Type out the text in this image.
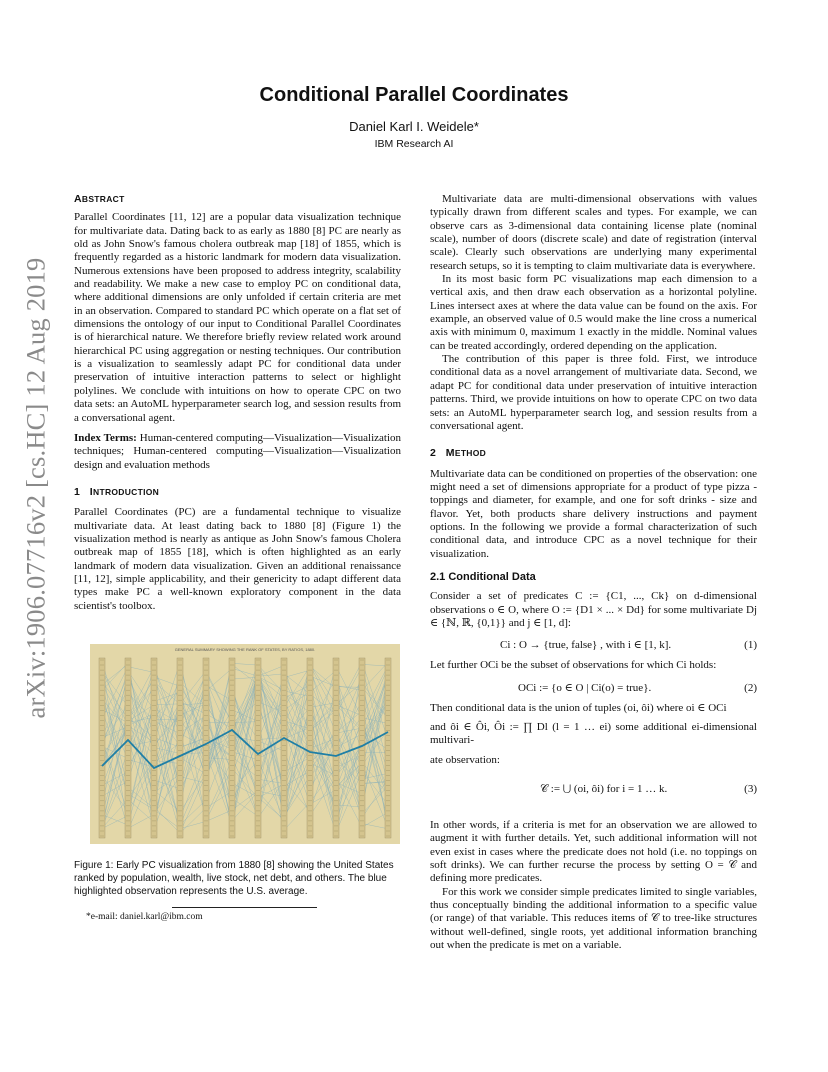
Conditional Parallel Coordinates
Daniel Karl I. Weidele*
IBM Research AI
arXiv:1906.07716v2 [cs.HC] 12 Aug 2019
ABSTRACT

Parallel Coordinates [11, 12] are a popular data visualization technique for multivariate data. Dating back to as early as 1880 [8] PC are nearly as old as John Snow's famous cholera outbreak map [18] of 1855, which is frequently regarded as a historic landmark for modern data visualization. Numerous extensions have been proposed to address integrity, scalability and readability. We make a new case to employ PC on conditional data, where additional dimensions are only unfolded if certain criteria are met in an observation. Compared to standard PC which operate on a flat set of dimensions the ontology of our input to Conditional Parallel Coordinates is of hierarchical nature. We therefore briefly review related work around hierarchical PC using aggregation or nesting techniques. Our contribution is a visualization to seamlessly adapt PC for conditional data under preservation of intuitive interaction patterns to select or highlight polylines. We conclude with intuitions on how to operate CPC on two data sets: an AutoML hyperparameter search log, and session results from a conversational agent.

Index Terms: Human-centered computing—Visualization—Visualization techniques; Human-centered computing—Visualization—Visualization design and evaluation methods

1 INTRODUCTION

Parallel Coordinates (PC) are a fundamental technique to visualize multivariate data. At least dating back to 1880 [8] (Figure 1) the visualization method is nearly as antique as John Snow's famous Cholera outbreak map of 1855 [18], which is often highlighted as an early landmark of modern data visualization. Given an additional renaissance [11, 12], simple applicability, and their genericity to adapt different data types make PC a well-known exploratory component in the data scientist's toolbox.

GENERAL SUMMARY SHOWING THE RANK OF STATES, BY RATIOS, 1880.
Figure 1: Early PC visualization from 1880 [8] showing the United States ranked by population, wealth, live stock, net debt, and others. The blue highlighted observation represents the U.S. average.
*e-mail: daniel.karl@ibm.com

Multivariate data are multi-dimensional observations with values typically drawn from different scales and types. For example, we can observe cars as 3-dimensional data containing license plate (nominal scale), number of doors (discrete scale) and date of registration (interval scale). Clearly such observations are underlying many experimental research setups, so it is tempting to claim multivariate data is everywhere.

In its most basic form PC visualizations map each dimension to a vertical axis, and then draw each observation as a horizontal polyline. Lines intersect axes at where the data value can be found on the axis. For example, an observed value of 0.5 would make the line cross a numerical axis with minimum 0, maximum 1 exactly in the middle. Nominal values can be treated accordingly, ordered depending on the application.

The contribution of this paper is three fold. First, we introduce conditional data as a novel arrangement of multivariate data. Second, we adapt PC for conditional data under preservation of intuitive interaction patterns. Third, we provide intuitions on how to operate CPC on two data sets: an AutoML hyperparameter search log, and session results from a conversational agent.

2 METHOD

Multivariate data can be conditioned on properties of the observation: one might need a set of dimensions appropriate for a product of type pizza - toppings and diameter, for example, and one for soft drinks - size and flavor. Yet, both products share delivery instructions and payment options. In the following we provide a formal characterization of such conditional data, and introduce CPC as a novel technique for their visualization.

2.1 Conditional Data

Consider a set of predicates C := {C1, ..., Ck} on d-dimensional observations o ∈ O, where O := {D1 × ... × Dd} for some multivariate Dj ∈ {ℕ, ℝ, {0,1}} and j ∈ [1, d]:

Ci : O → {true, false} , with i ∈ [1, k].	(1)

Let further OCi be the subset of observations for which Ci holds:

OCi := {o ∈ O | Ci(o) = true}.	(2)

Then conditional data is the union of tuples (oi, ôi) where oi ∈ OCi

and ôi ∈ Ôi, Ôi := ∏ Dl (l = 1 … ei) some additional ei-dimensional multivari-

ate observation:

𝒞 := ⋃ (oi, ôi) for i = 1 … k.	(3)

In other words, if a criteria is met for an observation we are allowed to augment it with further details. Yet, such additional information will not even exist in cases where the predicate does not hold (i.e. no toppings on soft drinks). We can further recurse the process by setting O = 𝒞 and defining more predicates.

For this work we consider simple predicates limited to single variables, thus conceptually binding the additional information to a specific value (or range) of that variable. This reduces items of 𝒞 to tree-like structures without well-defined, single roots, yet additional information branching out when the predicate is met on a variable.
